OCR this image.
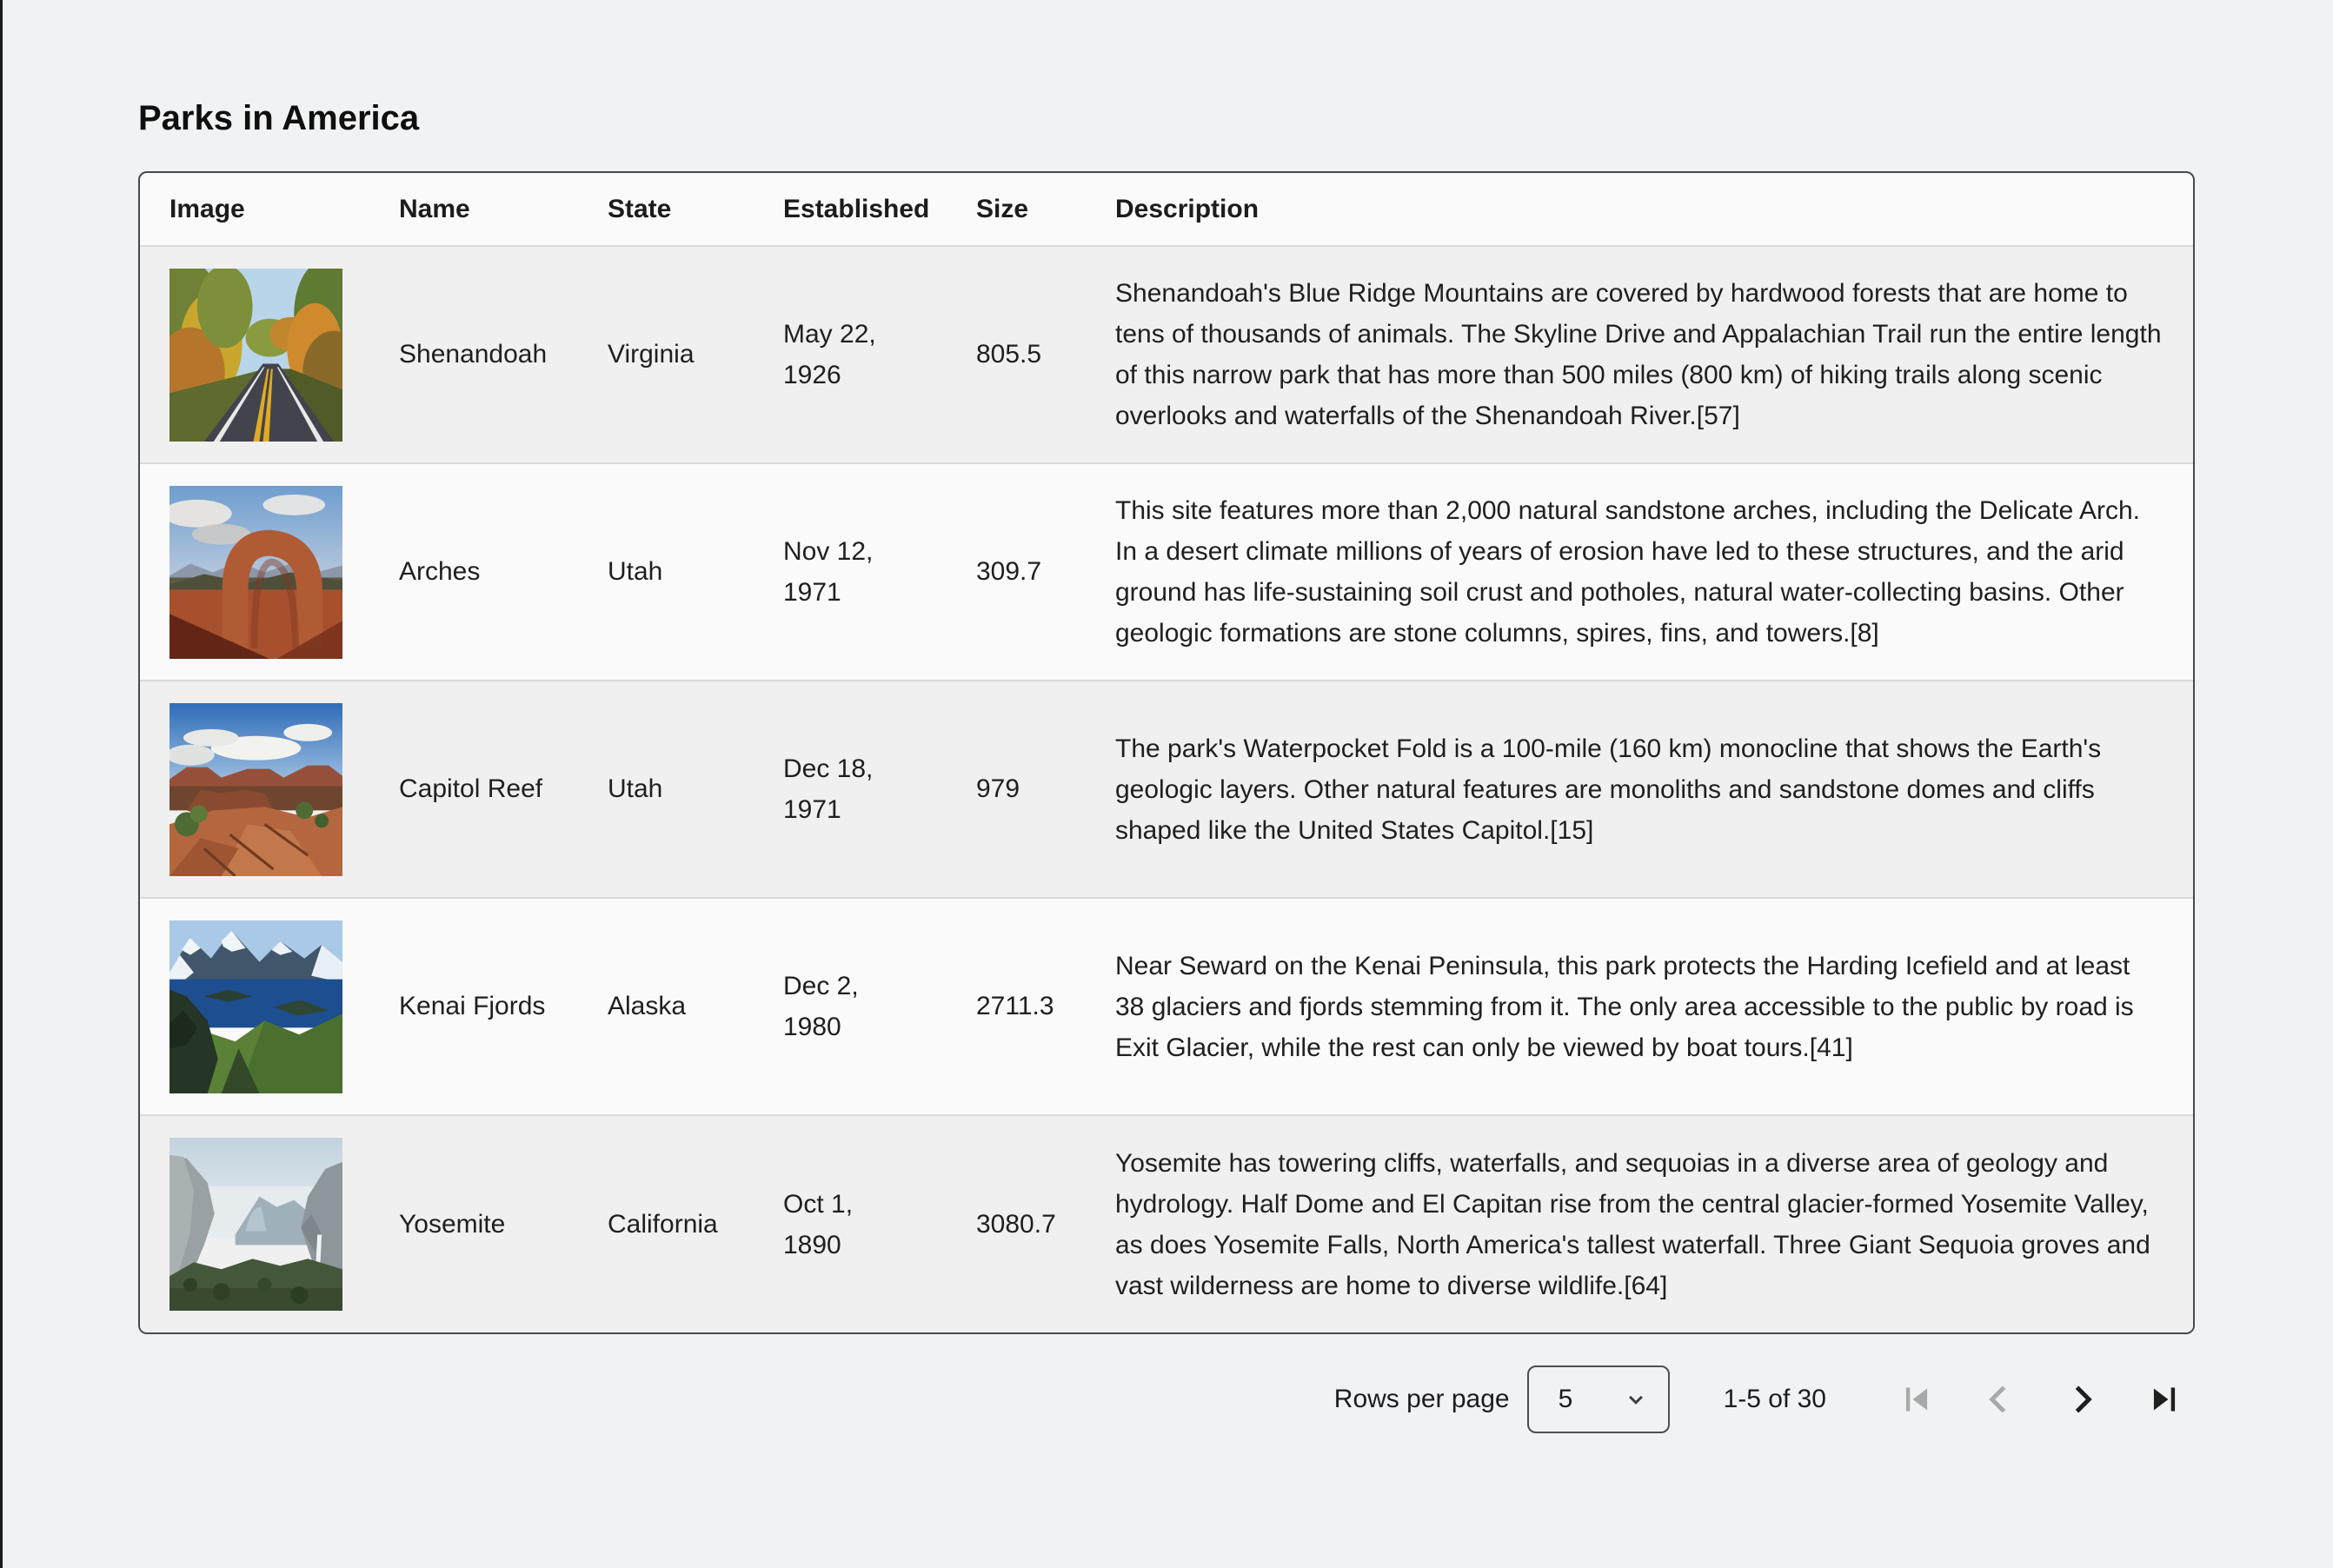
Parks in America
Image	Name	State	Established	Size	Description

	Shenandoah	Virginia	May 22, 1926	805.5	Shenandoah's Blue Ridge Mountains are covered by hardwood forests that are home to tens of thousands of animals. The Skyline Drive and Appalachian Trail run the entire length of this narrow park that has more than 500 miles (800 km) of hiking trails along scenic overlooks and waterfalls of the Shenandoah River.[57]

	Arches	Utah	Nov 12, 1971	309.7	This site features more than 2,000 natural sandstone arches, including the Delicate Arch. In a desert climate millions of years of erosion have led to these structures, and the arid ground has life-sustaining soil crust and potholes, natural water-collecting basins. Other geologic formations are stone columns, spires, fins, and towers.[8]

	Capitol Reef	Utah	Dec 18, 1971	979	The park's Waterpocket Fold is a 100-mile (160 km) monocline that shows the Earth's geologic layers. Other natural features are monoliths and sandstone domes and cliffs shaped like the United States Capitol.[15]

	Kenai Fjords	Alaska	Dec 2, 1980	2711.3	Near Seward on the Kenai Peninsula, this park protects the Harding Icefield and at least 38 glaciers and fjords stemming from it. The only area accessible to the public by road is Exit Glacier, while the rest can only be viewed by boat tours.[41]

	Yosemite	California	Oct 1, 1890	3080.7	Yosemite has towering cliffs, waterfalls, and sequoias in a diverse area of geology and hydrology. Half Dome and El Capitan rise from the central glacier-formed Yosemite Valley, as does Yosemite Falls, North America's tallest waterfall. Three Giant Sequoia groves and vast wilderness are home to diverse wildlife.[64]
Rows per page 5	1-5 of 30
